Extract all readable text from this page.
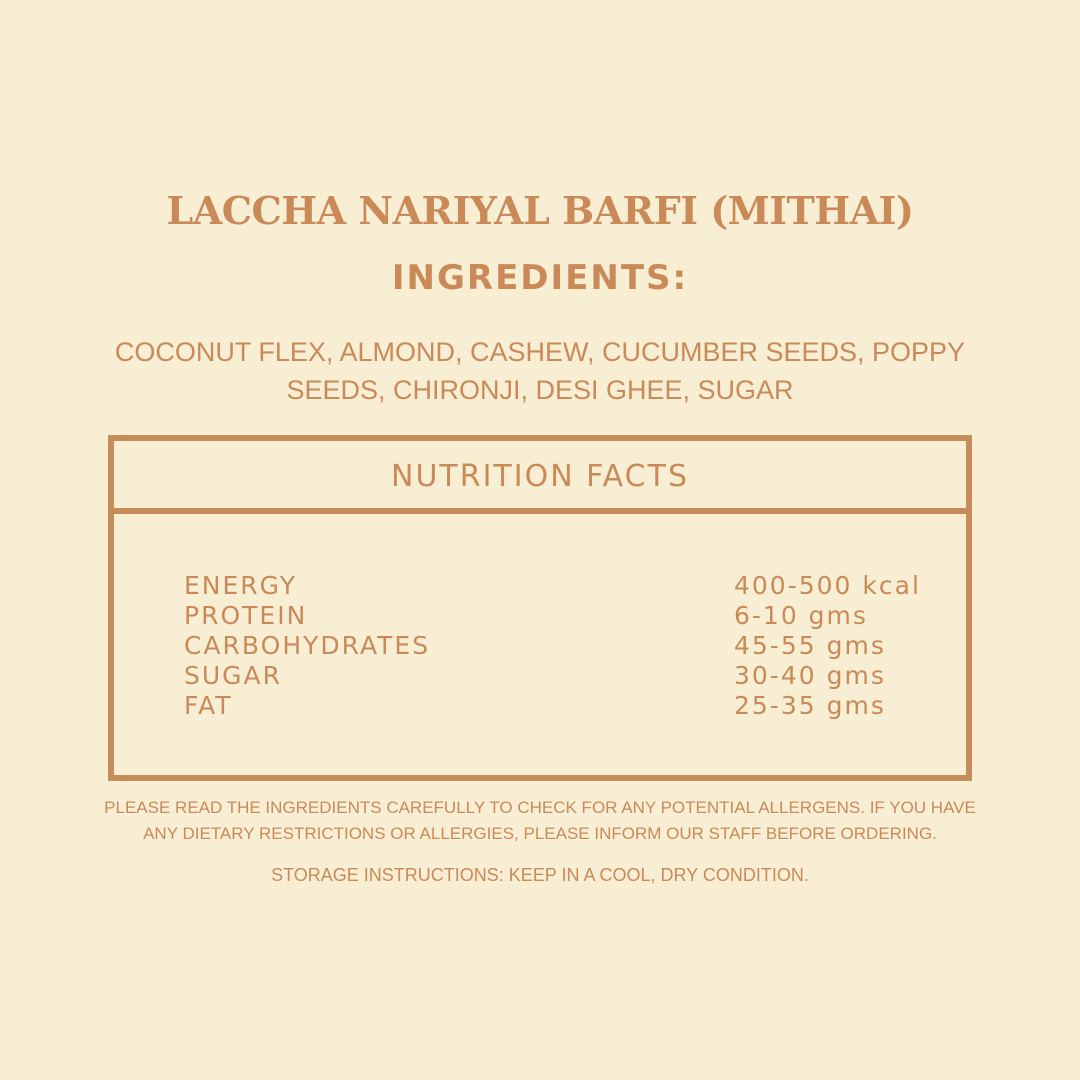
LACCHA NARIYAL BARFI (MITHAI)
INGREDIENTS:
COCONUT FLEX, ALMOND, CASHEW, CUCUMBER SEEDS, POPPY SEEDS, CHIRONJI, DESI GHEE, SUGAR
NUTRITION FACTS
ENERGY	400-500 kcal
PROTEIN	6-10 gms
CARBOHYDRATES	45-55 gms
SUGAR	30-40 gms
FAT	25-35 gms
PLEASE READ THE INGREDIENTS CAREFULLY TO CHECK FOR ANY POTENTIAL ALLERGENS. IF YOU HAVE ANY DIETARY RESTRICTIONS OR ALLERGIES, PLEASE INFORM OUR STAFF BEFORE ORDERING.
STORAGE INSTRUCTIONS: KEEP IN A COOL, DRY CONDITION.
